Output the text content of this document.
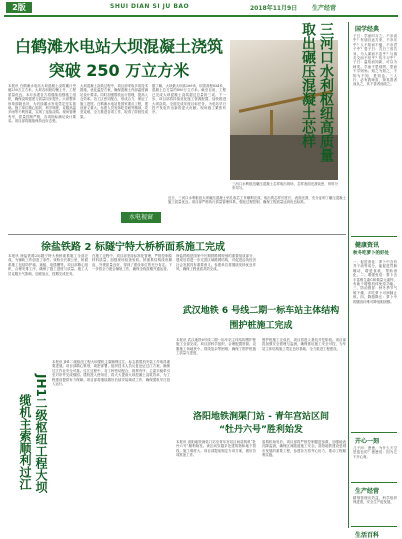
2版	SHUI DIAN SI JU BAO	2018年11月9日 生产经营
白鹤滩水电站大坝混凝土浇筑
突破 250 万立方米
本报讯 白鹤滩水电站大坝混凝土浇筑累计突破250万立方米，大坝各坝段均衡上升，工程质量优良。本月参建各方将继续加强施工组织，确保浇筑强度与质量同步提升。大坝整体形象面貌良好，为后续蓄水发电奠定坚实基础。施工单位精心组织，科学调度，克服高温多雨等不利因素，实现了连续浇筑。现场管理有序，质量控制严格，各项指标满足设计要求。项目部将继续保持良好态势。
大坝混凝土浇筑过程中，项目部采取多项技术措施，优化温控方案，确保混凝土内部温度满足设计要求。同时加强缆机运行管理，提高入仓效率。各工区密切配合，形成合力，保证了施工进度。白鹤滩水电站是国家重点工程，建设意义重大。参建人员发扬吃苦耐劳精神，攻坚克难，全力推进各项工作，取得了阶段性成果。
据了解，大坝最大坝高289米，坝顶高程834米，混凝土总方量约800万立方米。截至目前，工程已完成大坝混凝土浇筑超过总量的三成。下一步，项目部将持续优化施工资源配置，加快推进大坝浇筑，全面完成年度目标任务，为电站早日投产发电作出新的更大贡献。现场施工紧张有序。
水电视窗
三河口水利枢纽碾压混凝土芯样取出现场，芯样表面光滑致密，骨料分布均匀。
三河口水利枢纽高质量
取出碾压混凝土芯样
近日，三河口水利枢纽大坝碾压混凝土钻孔取芯工作顺利完成，取出的芯样长度长、表面光滑，充分证明了碾压混凝土施工质量优良。项目部严格执行质量管理体系，强化过程控制，确保工程质量达到优良标准。
徐盐铁路 2 标隧宁特大桥桥面系施工完成
本报讯 徐盐铁路2标隧宁特大桥桥面系施工全部完成，为铺轨工作创造了条件。该桥全长数公里，桥面系施工包括防护墙、遮板、电缆槽等。项目部精心组织，合理安排工序，确保了施工进度与质量。施工人员克服天气影响，加班加点，按期完成任务。
在施工过程中，项目部坚持标准化管理，严格控制原材料质量，加强现场检查验收。桥面系结构线形顺直，外观质量良好，得到了建设单位的充分肯定。下一步将全力配合铺轨工作，确保全线按期开通运营。
徐盐铁路是国家中长期铁路网规划的重要组成部分，建成后将进一步完善区域路网结构，对促进沿线经济社会发展具有重要意义。参建单位将继续发扬优良作风，确保工程优质高效完成。
武汉地铁 6 号线二期一标车站主体结构
围护桩施工完成
本报讯 武汉地铁6号线二期一标车站主体结构围护桩施工全部完成。项目部科学组织，合理配置资源，克服施工场地狭小、管线复杂等困难，确保了围护桩施工质量与进度。
围护桩施工完成后，项目将进入基坑开挖阶段。项目部将加强安全管理与监测，确保基坑施工安全可控，为车站主体结构施工奠定良好基础，全力推进工程建设。
洛阳地铁涧渠门站 - 青年宫站区间
“牡丹六号”胜利始发
本报讯 洛阳地铁涧渠门站至青年宫站区间盾构机“牡丹六号”顺利始发。该区间穿越多处建筑物和地下管线，施工难度大。项目部提前制定专项方案，做好各项准备工作。
盾构机始发后，项目部将严格控制掘进参数，加强地表沉降监测，确保区间隧道施工安全。洛阳地铁建设是城市发展的重要工程，参建各方将齐心协力，推动工程顺利实施。
JH1二级枢纽工程大坝
缆机主索顺利过江
本报讯 JH1二级枢纽工程大坝缆机主索顺利过江，标志着缆机安装工作取得重要进展。项目部精心策划，周密部署，组织技术人员反复论证过江方案，确保过江作业安全可靠。过江过程中，各工种密切配合，指挥有序，主索平稳牵引至对岸并完成锚固。缆机投入使用后，将大大提高大坝混凝土浇筑效率，为工程建设提供有力保障。项目部将继续做好后续安装调试工作，确保缆机早日投入运行。
国学经典
子曰：学而时习之，不亦说乎？有朋自远方来，不亦乐乎？人不知而不愠，不亦君子乎？曾子曰：吾日三省吾身，为人谋而不忠乎？与朋友交而不信乎？传不习乎？子曰：温故而知新，可以为师矣。学而不思则罔，思而不学则殆。知之为知之，不知为不知，是知也。三人行，必有我师焉，择其善者而从之，其不善者而改之。
健康资讯
秋冬吃萝卜的好处
一、促进消化：萝卜中含有芥子油等成分，能促进胃肠蠕动，增进食欲，帮助消化。二、增强免疫：萝卜含丰富维生素C和微量元素锌，有助于增强机体免疫功能。三、防治感冒：秋冬季节气候干燥，多吃萝卜可润肺止咳。四、降脂降压：萝卜中的膳食纤维可降低胆固醇。
开心一刻
儿子问：爸爸，为什么天空是蓝色的？爸爸说：因为它不开心呀。
生产经营
精细管理出效益，科学组织保进度，安全生产促发展。
生活百科
